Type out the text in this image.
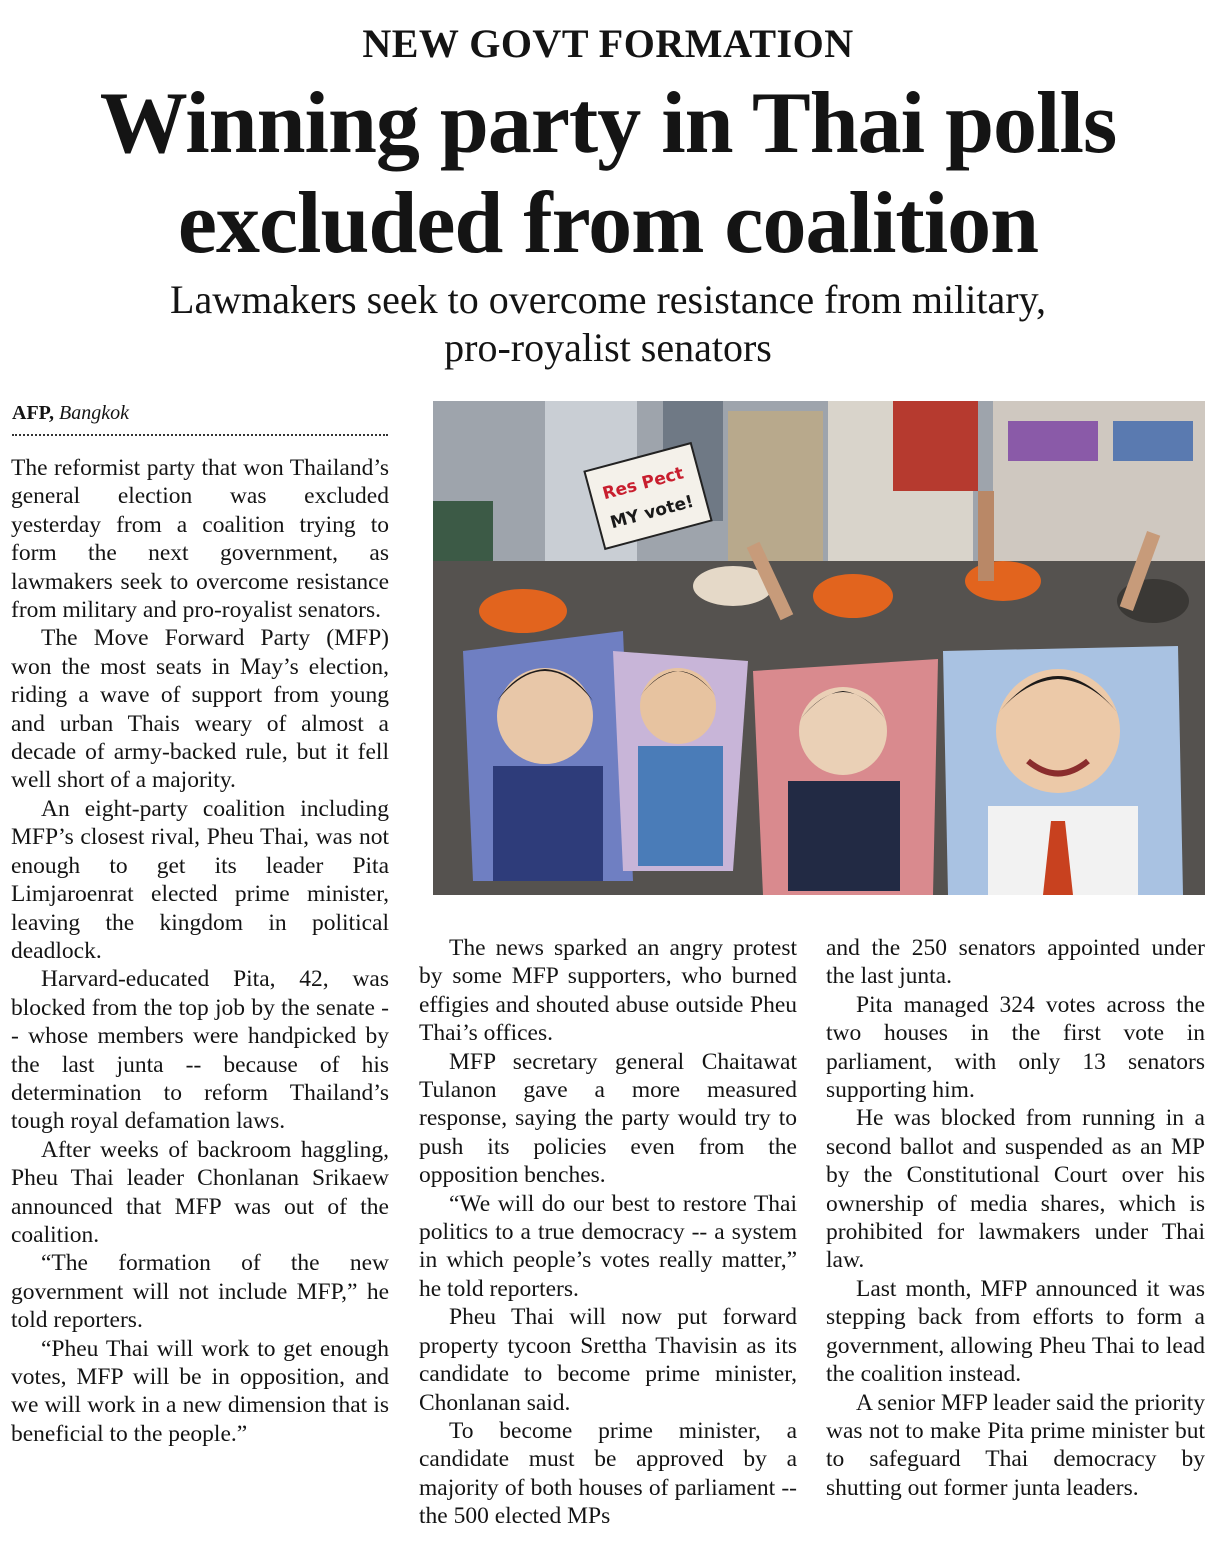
NEW GOVT FORMATION
Winning party in Thai polls
excluded from coalition
Lawmakers seek to overcome resistance from military,
pro-royalist senators
AFP, Bangkok
Res Pect
MY vote!

The reformist party that won Thailand’s general election was excluded yesterday from a coalition trying to form the next government, as lawmakers seek to overcome resistance from military and pro-royalist senators.

The Move Forward Party (MFP) won the most seats in May’s election, riding a wave of support from young and urban Thais weary of almost a decade of army-backed rule, but it fell well short of a majority.

An eight-party coalition including MFP’s closest rival, Pheu Thai, was not enough to get its leader Pita Limjaroenrat elected prime minister, leaving the kingdom in political deadlock.

Harvard-educated Pita, 42, was blocked from the top job by the senate -- whose members were handpicked by the last junta -- because of his determination to reform Thailand’s tough royal defamation laws.

After weeks of backroom haggling, Pheu Thai leader Chonlanan Srikaew announced that MFP was out of the coalition.

“The formation of the new government will not include MFP,” he told reporters.

“Pheu Thai will work to get enough votes, MFP will be in opposition, and we will work in a new dimension that is beneficial to the people.”

The news sparked an angry protest by some MFP supporters, who burned effigies and shouted abuse outside Pheu Thai’s offices.

MFP secretary general Chaitawat Tulanon gave a more measured response, saying the party would try to push its policies even from the opposition benches.

“We will do our best to restore Thai politics to a true democracy -- a system in which people’s votes really matter,” he told reporters.

Pheu Thai will now put forward property tycoon Srettha Thavisin as its candidate to become prime minister, Chonlanan said.

To become prime minister, a candidate must be approved by a majority of both houses of parliament -- the 500 elected MPs

and the 250 senators appointed under the last junta.

Pita managed 324 votes across the two houses in the first vote in parliament, with only 13 senators supporting him.

He was blocked from running in a second ballot and suspended as an MP by the Constitutional Court over his ownership of media shares, which is prohibited for lawmakers under Thai law.

Last month, MFP announced it was stepping back from efforts to form a government, allowing Pheu Thai to lead the coalition instead.

A senior MFP leader said the priority was not to make Pita prime minister but to safeguard Thai democracy by shutting out former junta leaders.
